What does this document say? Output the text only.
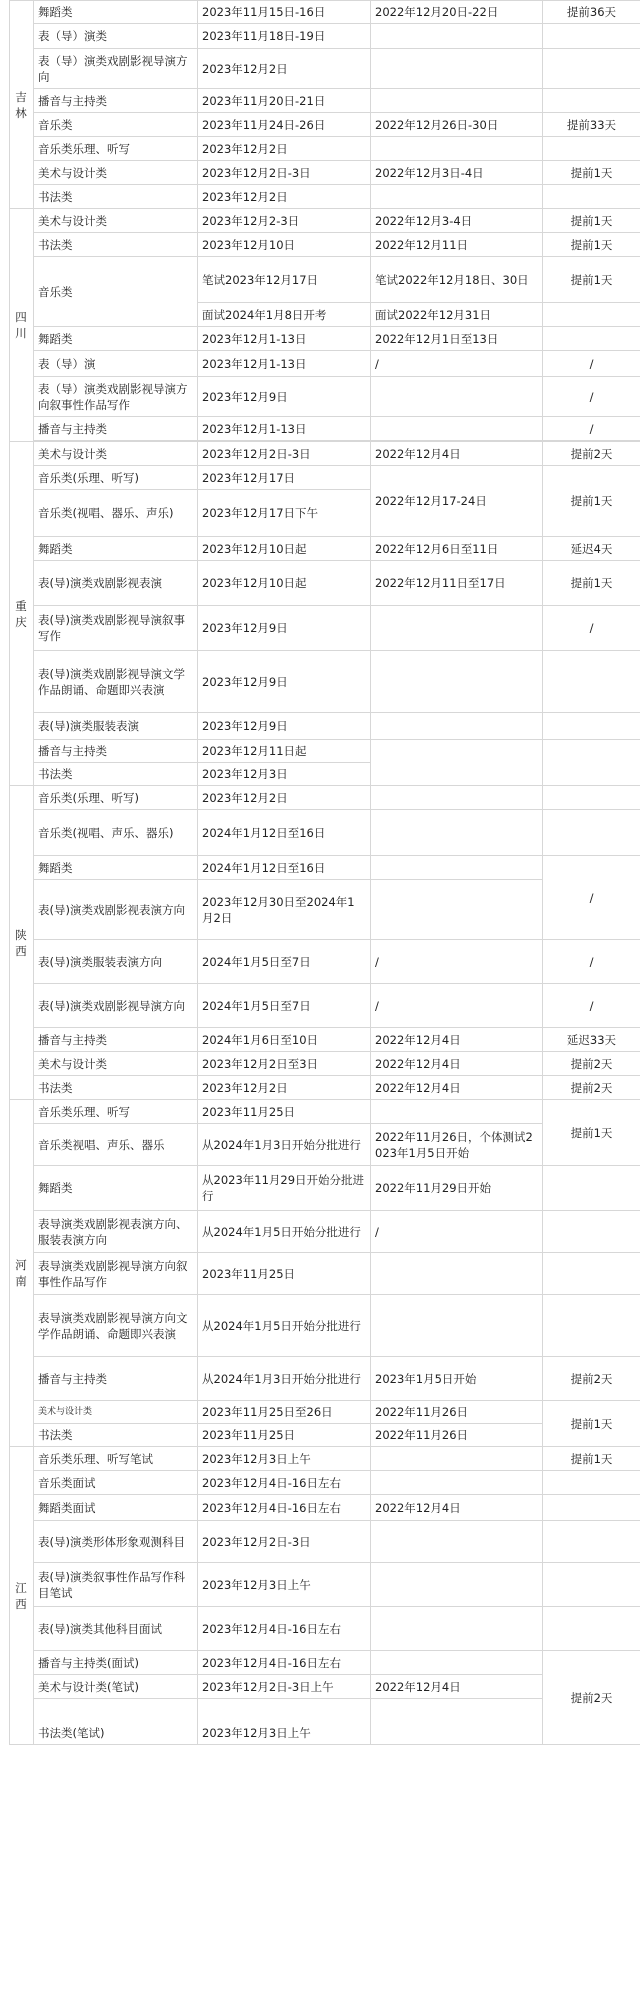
吉林	舞蹈类	2023年11月15日-16日	2022年12月20日-22日	提前36天
	表（导）演类	2023年11月18日-19日		
	表（导）演类戏剧影视导演方向	2023年12月2日		
	播音与主持类	2023年11月20日-21日		
	音乐类	2023年11月24日-26日	2022年12月26日-30日	提前33天
	音乐类乐理、听写	2023年12月2日		
	美术与设计类	2023年12月2日-3日	2022年12月3日-4日	提前1天
	书法类	2023年12月2日		
四川	美术与设计类	2023年12月2-3日	2022年12月3-4日	提前1天
	书法类	2023年12月10日	2022年12月11日	提前1天
	音乐类	笔试2023年12月17日	笔试2022年12月18日、30日	提前1天
		面试2024年1月8日开考	面试2022年12月31日	
	舞蹈类	2023年12月1-13日	2022年12月1日至13日	
	表（导）演	2023年12月1-13日	/	/
	表（导）演类戏剧影视导演方向叙事性作品写作	2023年12月9日		/
	播音与主持类	2023年12月1-13日		/

重庆	美术与设计类	2023年12月2日-3日	2022年12月4日	提前2天
	音乐类(乐理、听写)	2023年12月17日	2022年12月17-24日	提前1天
	音乐类(视唱、器乐、声乐)	2023年12月17日下午		
	舞蹈类	2023年12月10日起	2022年12月6日至11日	延迟4天
	表(导)演类戏剧影视表演	2023年12月10日起	2022年12月11日至17日	提前1天
	表(导)演类戏剧影视导演叙事写作	2023年12月9日		/
	表(导)演类戏剧影视导演文学作品朗诵、命题即兴表演	2023年12月9日		
	表(导)演类服装表演	2023年12月9日		
	播音与主持类	2023年12月11日起		
	书法类	2023年12月3日		
陕西	音乐类(乐理、听写)	2023年12月2日		
	音乐类(视唱、声乐、器乐)	2024年1月12日至16日		
	舞蹈类	2024年1月12日至16日		/
	表(导)演类戏剧影视表演方向	2023年12月30日至2024年1月2日		
	表(导)演类服装表演方向	2024年1月5日至7日	/	/
	表(导)演类戏剧影视导演方向	2024年1月5日至7日	/	/
	播音与主持类	2024年1月6日至10日	2022年12月4日	延迟33天
	美术与设计类	2023年12月2日至3日	2022年12月4日	提前2天
	书法类	2023年12月2日	2022年12月4日	提前2天
河南	音乐类乐理、听写	2023年11月25日		提前1天
	音乐类视唱、声乐、器乐	从2024年1月3日开始分批进行	2022年11月26日，个体测试2023年1月5日开始	
	舞蹈类	从2023年11月29日开始分批进行	2022年11月29日开始	
	表导演类戏剧影视表演方向、服装表演方向	从2024年1月5日开始分批进行	/	
	表导演类戏剧影视导演方向叙事性作品写作	2023年11月25日		
	表导演类戏剧影视导演方向文学作品朗诵、命题即兴表演	从2024年1月5日开始分批进行		
	播音与主持类	从2024年1月3日开始分批进行	2023年1月5日开始	提前2天
	美术与设计类	2023年11月25日至26日	2022年11月26日	提前1天

	书法类	2023年11月25日	2022年11月26日	
江西	音乐类乐理、听写笔试	2023年12月3日上午		提前1天
	音乐类面试	2023年12月4日-16日左右		
	舞蹈类面试	2023年12月4日-16日左右	2022年12月4日	
	表(导)演类形体形象观测科目	2023年12月2日-3日		
	表(导)演类叙事性作品写作科目笔试	2023年12月3日上午		
	表(导)演类其他科目面试	2023年12月4日-16日左右		
	播音与主持类(面试)	2023年12月4日-16日左右		提前2天
	美术与设计类(笔试)	2023年12月2日-3日上午	2022年12月4日	
	书法类(笔试)	2023年12月3日上午		
